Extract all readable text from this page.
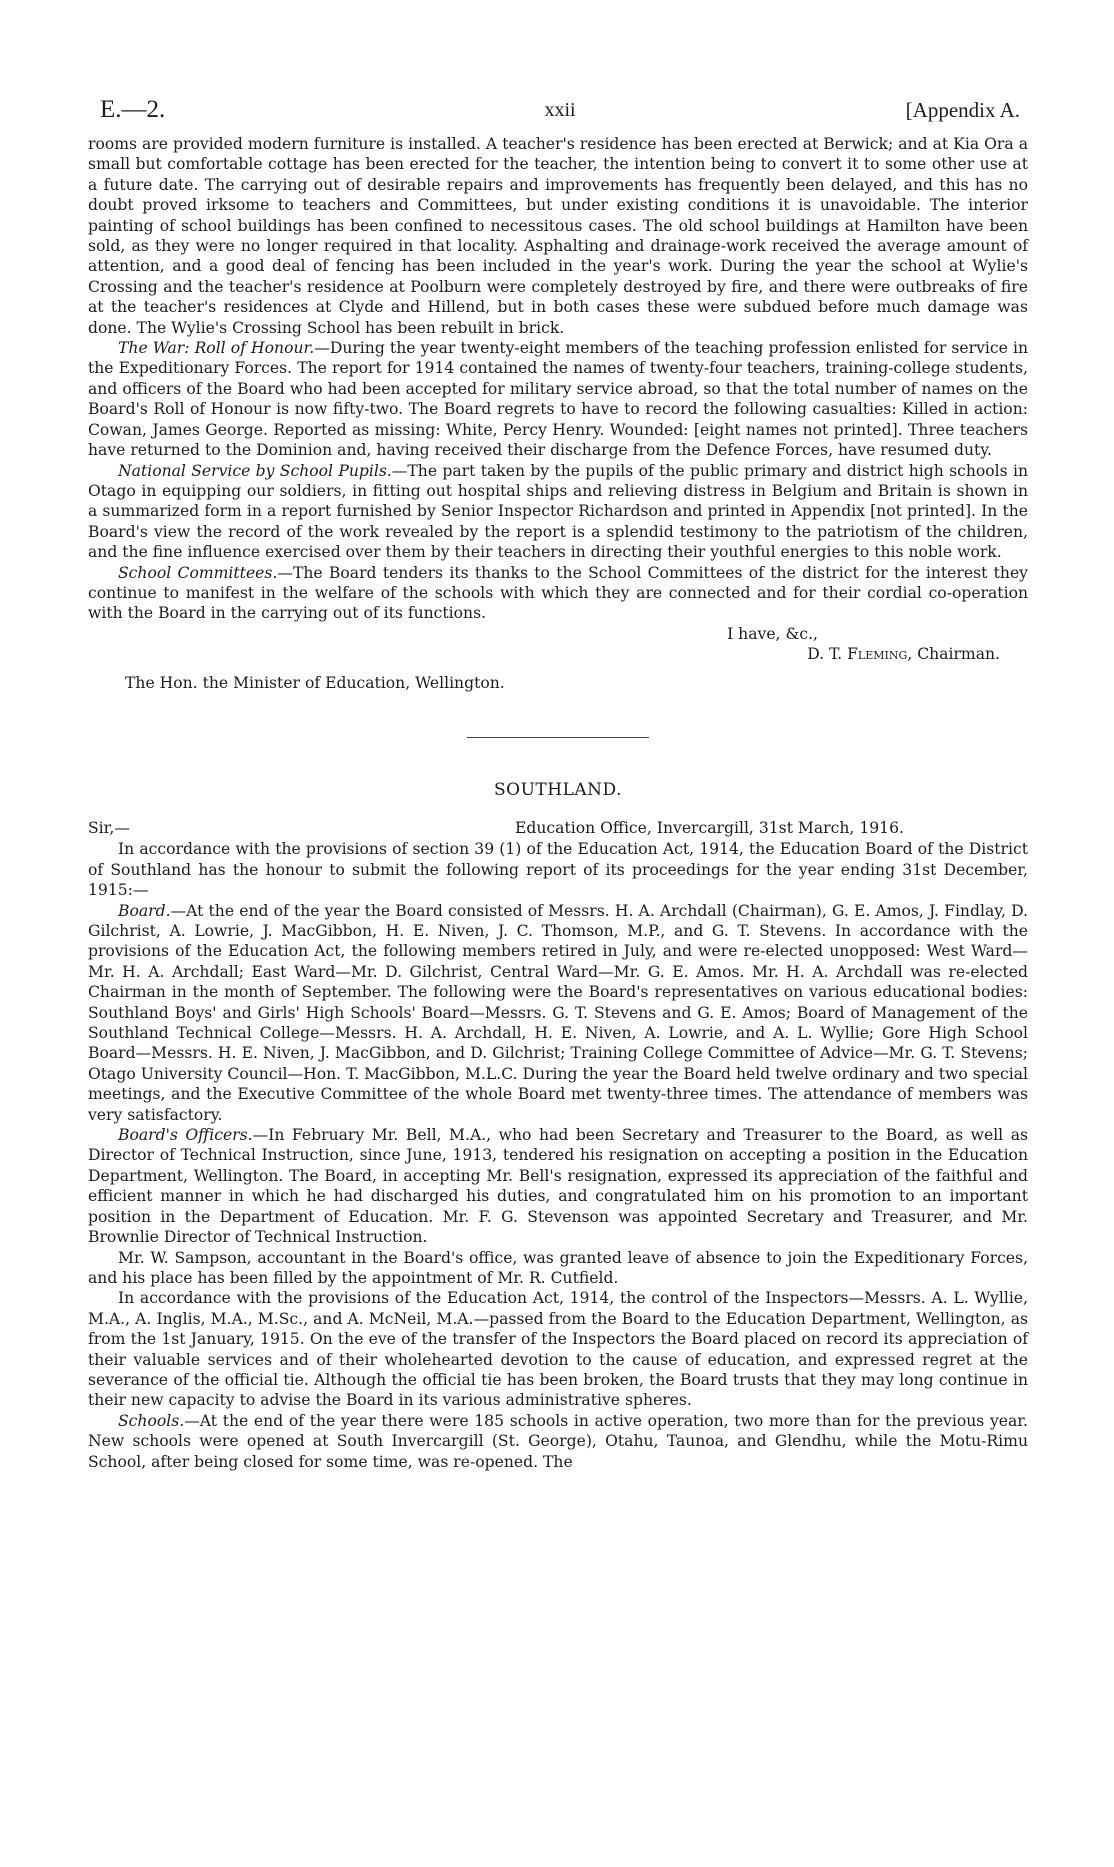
E.—2.	xxii	[Appendix A.

rooms are provided modern furniture is installed. A teacher's residence has been erected at Berwick; and at Kia Ora a small but comfortable cottage has been erected for the teacher, the intention being to convert it to some other use at a future date. The carrying out of desirable repairs and improvements has frequently been delayed, and this has no doubt proved irksome to teachers and Committees, but under existing conditions it is unavoidable. The interior painting of school buildings has been confined to necessitous cases. The old school buildings at Hamilton have been sold, as they were no longer required in that locality. Asphalting and drainage-work received the average amount of attention, and a good deal of fencing has been included in the year's work. During the year the school at Wylie's Crossing and the teacher's residence at Poolburn were completely destroyed by fire, and there were outbreaks of fire at the teacher's residences at Clyde and Hillend, but in both cases these were subdued before much damage was done. The Wylie's Crossing School has been rebuilt in brick.

The War: Roll of Honour.—During the year twenty-eight members of the teaching profession enlisted for service in the Expeditionary Forces. The report for 1914 contained the names of twenty-four teachers, training-college students, and officers of the Board who had been accepted for military service abroad, so that the total number of names on the Board's Roll of Honour is now fifty-two. The Board regrets to have to record the following casualties: Killed in action: Cowan, James George. Reported as missing: White, Percy Henry. Wounded: [eight names not printed]. Three teachers have returned to the Dominion and, having received their discharge from the Defence Forces, have resumed duty.

National Service by School Pupils.—The part taken by the pupils of the public primary and district high schools in Otago in equipping our soldiers, in fitting out hospital ships and relieving distress in Belgium and Britain is shown in a summarized form in a report furnished by Senior Inspector Richardson and printed in Appendix [not printed]. In the Board's view the record of the work revealed by the report is a splendid testimony to the patriotism of the children, and the fine influence exercised over them by their teachers in directing their youthful energies to this noble work.

School Committees.—The Board tenders its thanks to the School Committees of the district for the interest they continue to manifest in the welfare of the schools with which they are connected and for their cordial co-operation with the Board in the carrying out of its functions.

I have, &c.,
D. T. Fleming, Chairman.
The Hon. the Minister of Education, Wellington.
SOUTHLAND.
Sir,—	Education Office, Invercargill, 31st March, 1916.

In accordance with the provisions of section 39 (1) of the Education Act, 1914, the Education Board of the District of Southland has the honour to submit the following report of its proceedings for the year ending 31st December, 1915:—

Board.—At the end of the year the Board consisted of Messrs. H. A. Archdall (Chairman), G. E. Amos, J. Findlay, D. Gilchrist, A. Lowrie, J. MacGibbon, H. E. Niven, J. C. Thomson, M.P., and G. T. Stevens. In accordance with the provisions of the Education Act, the following members retired in July, and were re-elected unopposed: West Ward—Mr. H. A. Archdall; East Ward—Mr. D. Gilchrist, Central Ward—Mr. G. E. Amos. Mr. H. A. Archdall was re-elected Chairman in the month of September. The following were the Board's representatives on various educational bodies: Southland Boys' and Girls' High Schools' Board—Messrs. G. T. Stevens and G. E. Amos; Board of Management of the Southland Technical College—Messrs. H. A. Archdall, H. E. Niven, A. Lowrie, and A. L. Wyllie; Gore High School Board—Messrs. H. E. Niven, J. MacGibbon, and D. Gilchrist; Training College Committee of Advice—Mr. G. T. Stevens; Otago University Council—Hon. T. MacGibbon, M.L.C. During the year the Board held twelve ordinary and two special meetings, and the Executive Committee of the whole Board met twenty-three times. The attendance of members was very satisfactory.

Board's Officers.—In February Mr. Bell, M.A., who had been Secretary and Treasurer to the Board, as well as Director of Technical Instruction, since June, 1913, tendered his resignation on accepting a position in the Education Department, Wellington. The Board, in accepting Mr. Bell's resignation, expressed its appreciation of the faithful and efficient manner in which he had discharged his duties, and congratulated him on his promotion to an important position in the Department of Education. Mr. F. G. Stevenson was appointed Secretary and Treasurer, and Mr. Brownlie Director of Technical Instruction.

Mr. W. Sampson, accountant in the Board's office, was granted leave of absence to join the Expeditionary Forces, and his place has been filled by the appointment of Mr. R. Cutfield.

In accordance with the provisions of the Education Act, 1914, the control of the Inspectors—Messrs. A. L. Wyllie, M.A., A. Inglis, M.A., M.Sc., and A. McNeil, M.A.—passed from the Board to the Education Department, Wellington, as from the 1st January, 1915. On the eve of the transfer of the Inspectors the Board placed on record its appreciation of their valuable services and of their wholehearted devotion to the cause of education, and expressed regret at the severance of the official tie. Although the official tie has been broken, the Board trusts that they may long continue in their new capacity to advise the Board in its various administrative spheres.

Schools.—At the end of the year there were 185 schools in active operation, two more than for the previous year. New schools were opened at South Invercargill (St. George), Otahu, Taunoa, and Glendhu, while the Motu-Rimu School, after being closed for some time, was re-opened. The
